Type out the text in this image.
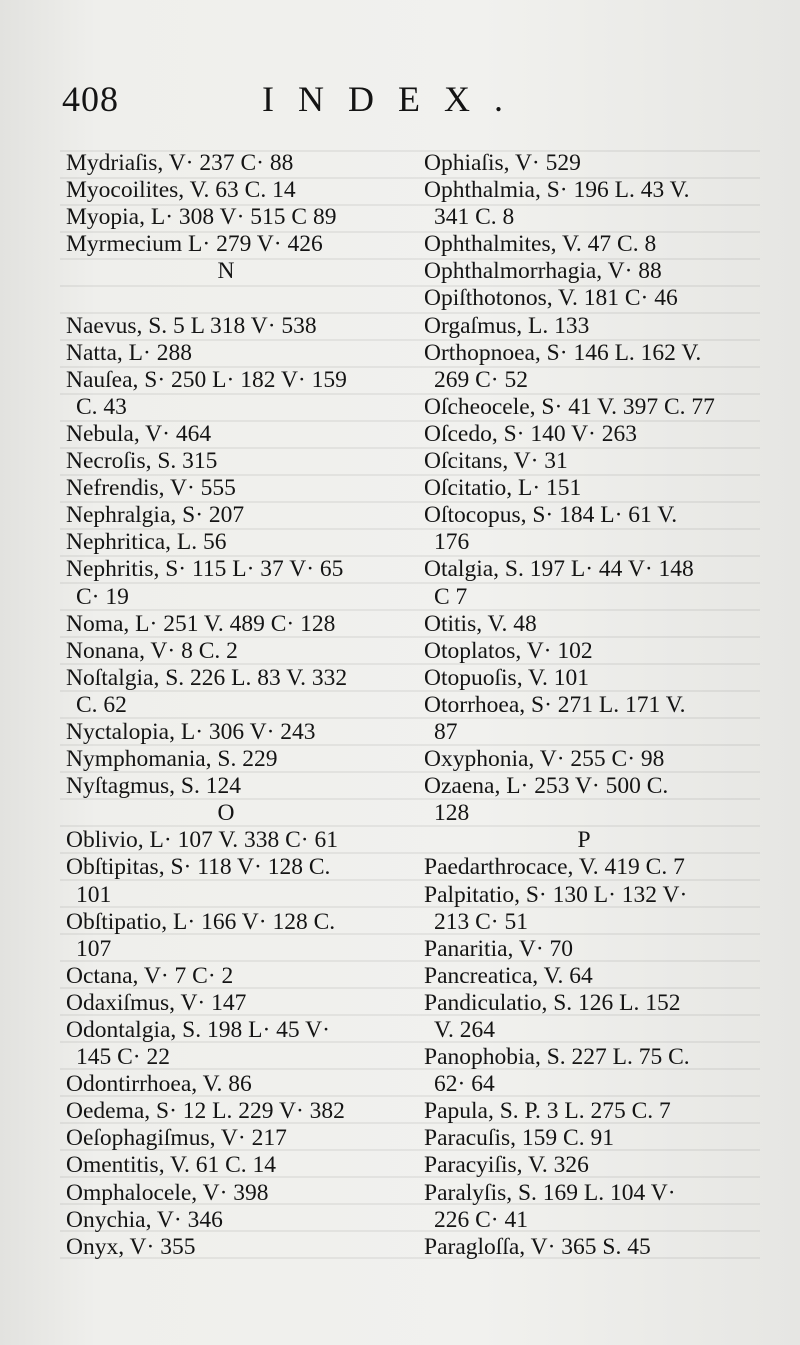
408	INDEX.
Mydriaſis, V· 237 C· 88
Myocoilites, V. 63 C. 14
Myopia, L· 308 V· 515 C 89
Myrmecium L· 279 V· 426
N
Naevus, S. 5 L 318 V· 538
Natta, L· 288
Nauſea, S· 250 L· 182 V· 159
C. 43
Nebula, V· 464
Necroſis, S. 315
Nefrendis, V· 555
Nephralgia, S· 207
Nephritica, L. 56
Nephritis, S· 115 L· 37 V· 65
C· 19
Noma, L· 251 V. 489 C· 128
Nonana, V· 8 C. 2
Noſtalgia, S. 226 L. 83 V. 332
C. 62
Nyctalopia, L· 306 V· 243
Nymphomania, S. 229
Nyſtagmus, S. 124
O
Oblivio, L· 107 V. 338 C· 61
Obſtipitas, S· 118 V· 128 C.
101
Obſtipatio, L· 166 V· 128 C.
107
Octana, V· 7 C· 2
Odaxiſmus, V· 147
Odontalgia, S. 198 L· 45 V·
145 C· 22
Odontirrhoea, V. 86
Oedema, S· 12 L. 229 V· 382
Oeſophagiſmus, V· 217
Omentitis, V. 61 C. 14
Omphalocele, V· 398
Onychia, V· 346
Onyx, V· 355
Ophiaſis, V· 529
Ophthalmia, S· 196 L. 43 V.
341 C. 8
Ophthalmites, V. 47 C. 8
Ophthalmorrhagia, V· 88
Opiſthotonos, V. 181 C· 46
Orgaſmus, L. 133
Orthopnoea, S· 146 L. 162 V.
269 C· 52
Oſcheocele, S· 41 V. 397 C. 77
Oſcedo, S· 140 V· 263
Oſcitans, V· 31
Oſcitatio, L· 151
Oſtocopus, S· 184 L· 61 V.
176
Otalgia, S. 197 L· 44 V· 148
C 7
Otitis, V. 48
Otoplatos, V· 102
Otopuoſis, V. 101
Otorrhoea, S· 271 L. 171 V.
87
Oxyphonia, V· 255 C· 98
Ozaena, L· 253 V· 500 C.
128
P
Paedarthrocace, V. 419 C. 7
Palpitatio, S· 130 L· 132 V·
213 C· 51
Panaritia, V· 70
Pancreatica, V. 64
Pandiculatio, S. 126 L. 152
V. 264
Panophobia, S. 227 L. 75 C.
62· 64
Papula, S. P. 3 L. 275 C. 7
Paracuſis, 159 C. 91
Paracyiſis, V. 326
Paralyſis, S. 169 L. 104 V·
226 C· 41
Paragloſſa, V· 365 S. 45
